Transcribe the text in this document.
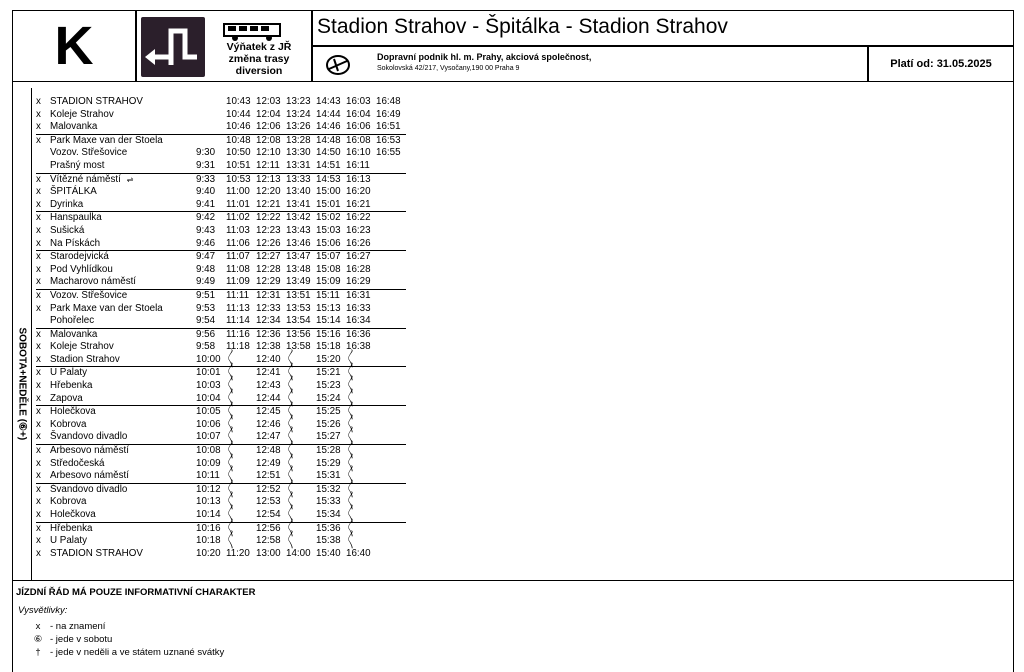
K	Výňatek z JŘ
změna trasy
diversion
Stadion Strahov - Špitálka - Stadion Strahov
Dopravní podnik hl. m. Prahy, akciová společnost,
Sokolovská 42/217, Vysočany,190 00 Praha 9	Platí od: 31.05.2025
SOBOTA+NEDĚLE (⑥+)
x	STADION STRAHOV		10:43	12:03	13:23	14:43	16:03	16:48
x	Koleje Strahov		10:44	12:04	13:24	14:44	16:04	16:49
x	Malovanka		10:46	12:06	13:26	14:46	16:06	16:51
x	Park Maxe van der Stoela		10:48	12:08	13:28	14:48	16:08	16:53
	Vozov. Střešovice	9:30	10:50	12:10	13:30	14:50	16:10	16:55
	Prašný most	9:31	10:51	12:11	13:31	14:51	16:11	
x	Vítězné náměstí ⇌	9:33	10:53	12:13	13:33	14:53	16:13	
x	ŠPITÁLKA	9:40	11:00	12:20	13:40	15:00	16:20	
x	Dyrinka	9:41	11:01	12:21	13:41	15:01	16:21	
x	Hanspaulka	9:42	11:02	12:22	13:42	15:02	16:22	
x	Sušická	9:43	11:03	12:23	13:43	15:03	16:23	
x	Na Pískách	9:46	11:06	12:26	13:46	15:06	16:26	
x	Starodejvická	9:47	11:07	12:27	13:47	15:07	16:27	
x	Pod Vyhlídkou	9:48	11:08	12:28	13:48	15:08	16:28	
x	Macharovo náměstí	9:49	11:09	12:29	13:49	15:09	16:29	
x	Vozov. Střešovice	9:51	11:11	12:31	13:51	15:11	16:31	
x	Park Maxe van der Stoela	9:53	11:13	12:33	13:53	15:13	16:33	
	Pohořelec	9:54	11:14	12:34	13:54	15:14	16:34	
x	Malovanka	9:56	11:16	12:36	13:56	15:16	16:36	
x	Koleje Strahov	9:58	11:18	12:38	13:58	15:18	16:38	
x	Stadion Strahov	10:00	〱	12:40	〱	15:20	〱	
x	U Palaty	10:01	〱	12:41	〱	15:21	〱	
x	Hřebenka	10:03	〱	12:43	〱	15:23	〱	
x	Zapova	10:04	〱	12:44	〱	15:24	〱	
x	Holečkova	10:05	〱	12:45	〱	15:25	〱	
x	Kobrova	10:06	〱	12:46	〱	15:26	〱	
x	Švandovo divadlo	10:07	〱	12:47	〱	15:27	〱	
x	Arbesovo náměstí	10:08	〱	12:48	〱	15:28	〱	
x	Středočeská	10:09	〱	12:49	〱	15:29	〱	
x	Arbesovo náměstí	10:11	〱	12:51	〱	15:31	〱	
x	Švandovo divadlo	10:12	〱	12:52	〱	15:32	〱	
x	Kobrova	10:13	〱	12:53	〱	15:33	〱	
x	Holečkova	10:14	〱	12:54	〱	15:34	〱	
x	Hřebenka	10:16	〱	12:56	〱	15:36	〱	
x	U Palaty	10:18	〱	12:58	〱	15:38	〱	
x	STADION STRAHOV	10:20	11:20	13:00	14:00	15:40	16:40	
JÍZDNÍ ŘÁD MÁ POUZE INFORMATIVNÍ CHARAKTER
Vysvětlivky:
x	- na znamení
⑥ - jede v sobotu
† - jede v neděli a ve státem uznané svátky
